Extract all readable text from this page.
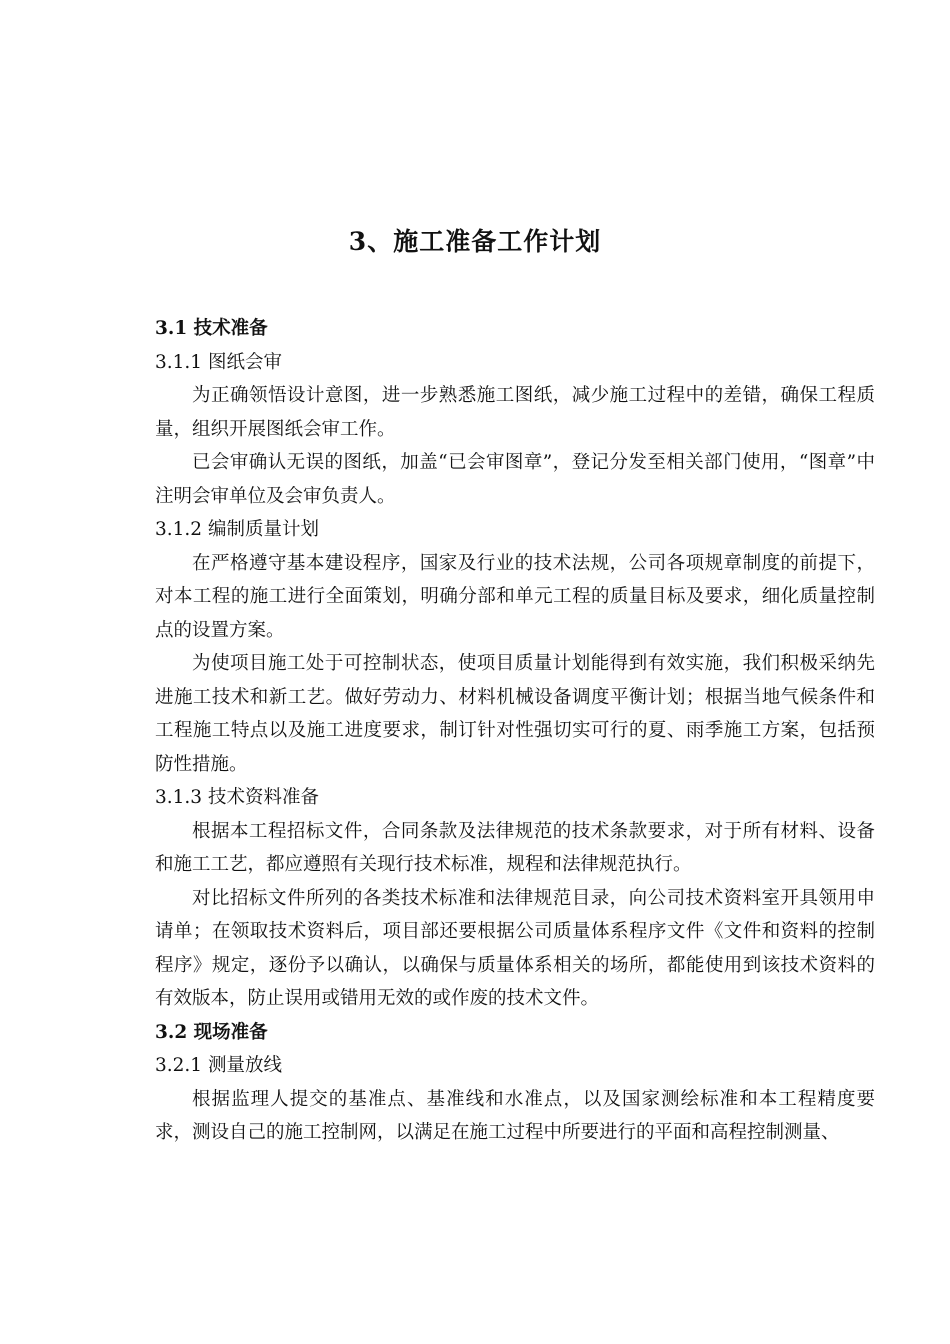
3、施工准备工作计划

3.1 技术准备

3.1.1 图纸会审

为正确领悟设计意图，进一步熟悉施工图纸，减少施工过程中的差错，确保工程质量，组织开展图纸会审工作。

已会审确认无误的图纸，加盖“已会审图章”，登记分发至相关部门使用，“图章”中注明会审单位及会审负责人。

3.1.2 编制质量计划

在严格遵守基本建设程序，国家及行业的技术法规，公司各项规章制度的前提下，对本工程的施工进行全面策划，明确分部和单元工程的质量目标及要求，细化质量控制点的设置方案。

为使项目施工处于可控制状态，使项目质量计划能得到有效实施，我们积极采纳先进施工技术和新工艺。做好劳动力、材料机械设备调度平衡计划；根据当地气候条件和工程施工特点以及施工进度要求，制订针对性强切实可行的夏、雨季施工方案，包括预防性措施。

3.1.3 技术资料准备

根据本工程招标文件，合同条款及法律规范的技术条款要求，对于所有材料、设备和施工工艺，都应遵照有关现行技术标准，规程和法律规范执行。

对比招标文件所列的各类技术标准和法律规范目录，向公司技术资料室开具领用申请单；在领取技术资料后，项目部还要根据公司质量体系程序文件《文件和资料的控制程序》规定，逐份予以确认，以确保与质量体系相关的场所，都能使用到该技术资料的有效版本，防止误用或错用无效的或作废的技术文件。

3.2 现场准备

3.2.1 测量放线

根据监理人提交的基准点、基准线和水准点，以及国家测绘标准和本工程精度要求，测设自己的施工控制网，以满足在施工过程中所要进行的平面和高程控制测量、
